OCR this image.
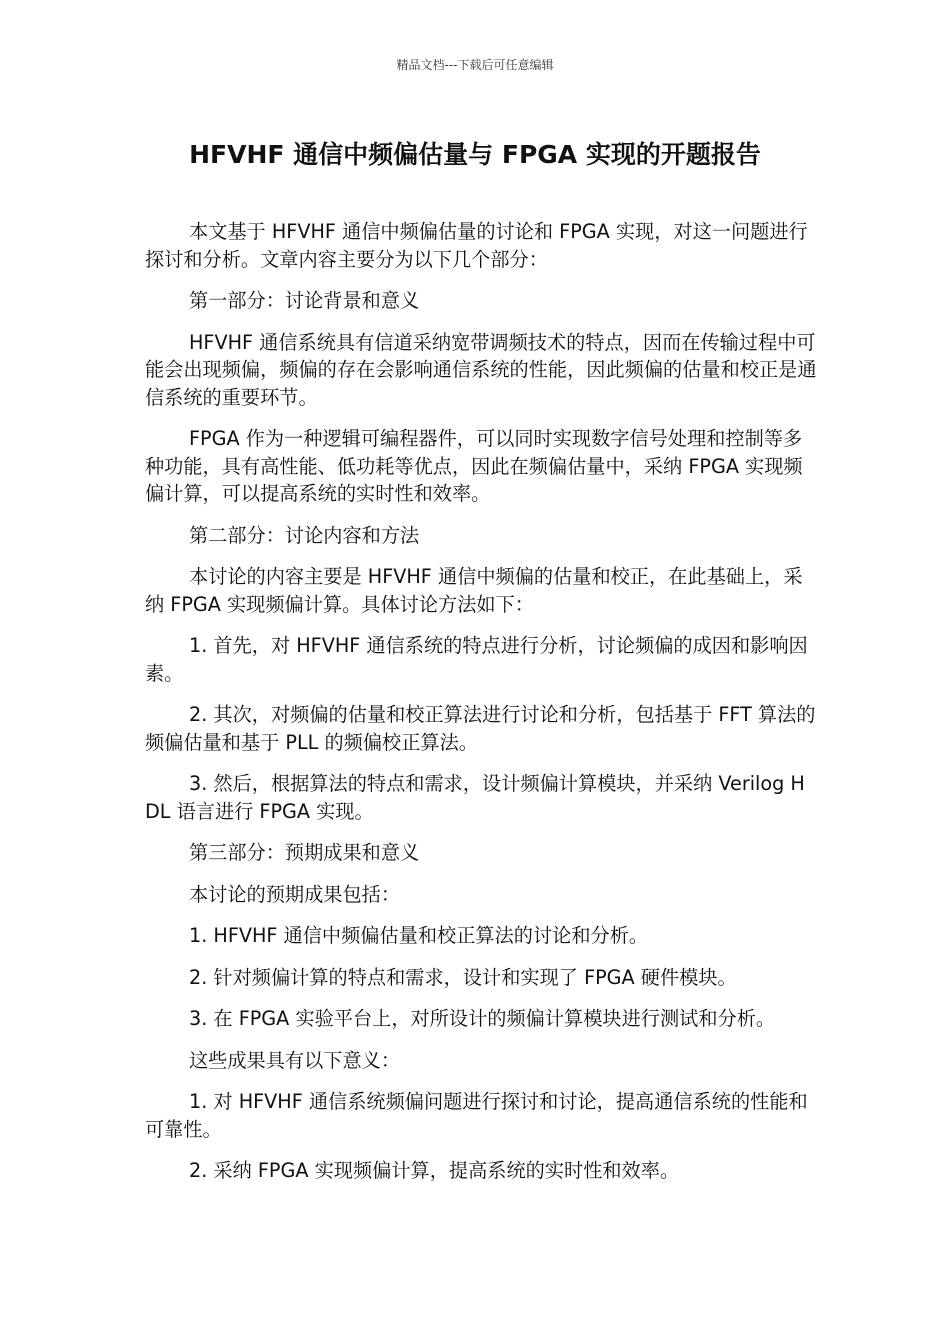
精品文档---下载后可任意编辑
HFVHF 通信中频偏估量与 FPGA 实现的开题报告

本文基于 HFVHF 通信中频偏估量的讨论和 FPGA 实现，对这一问题进行探讨和分析。文章内容主要分为以下几个部分：

第一部分：讨论背景和意义

HFVHF 通信系统具有信道采纳宽带调频技术的特点，因而在传输过程中可能会出现频偏，频偏的存在会影响通信系统的性能，因此频偏的估量和校正是通信系统的重要环节。

FPGA 作为一种逻辑可编程器件，可以同时实现数字信号处理和控制等多种功能，具有高性能、低功耗等优点，因此在频偏估量中，采纳 FPGA 实现频偏计算，可以提高系统的实时性和效率。

第二部分：讨论内容和方法

本讨论的内容主要是 HFVHF 通信中频偏的估量和校正，在此基础上，采纳 FPGA 实现频偏计算。具体讨论方法如下：

1. 首先，对 HFVHF 通信系统的特点进行分析，讨论频偏的成因和影响因素。

2. 其次，对频偏的估量和校正算法进行讨论和分析，包括基于 FFT 算法的频偏估量和基于 PLL 的频偏校正算法。

3. 然后，根据算法的特点和需求，设计频偏计算模块，并采纳 Verilog HDL 语言进行 FPGA 实现。

第三部分：预期成果和意义

本讨论的预期成果包括：

1. HFVHF 通信中频偏估量和校正算法的讨论和分析。

2. 针对频偏计算的特点和需求，设计和实现了 FPGA 硬件模块。

3. 在 FPGA 实验平台上，对所设计的频偏计算模块进行测试和分析。

这些成果具有以下意义：

1. 对 HFVHF 通信系统频偏问题进行探讨和讨论，提高通信系统的性能和可靠性。

2. 采纳 FPGA 实现频偏计算，提高系统的实时性和效率。
